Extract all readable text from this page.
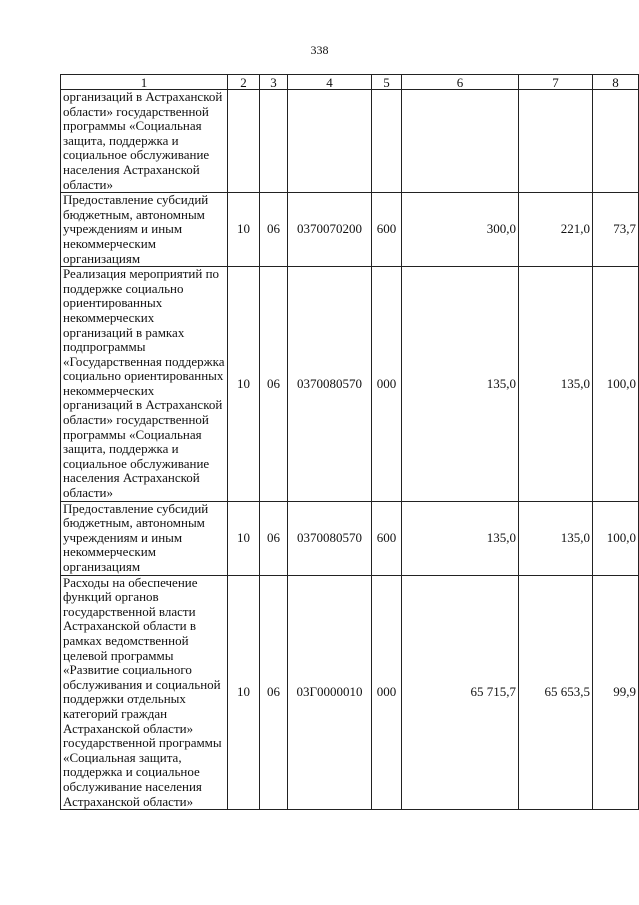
338
1	2	3	4	5	6	7	8
организаций в Астраханской области» государственной программы «Социальная защита, поддержка и социальное обслуживание населения Астраханской области»							
Предоставление субсидий бюджетным, автономным учреждениям и иным некоммерческим организациям	10	06	0370070200	600	300,0	221,0	73,7
Реализация мероприятий по поддержке социально ориентированных некоммерческих организаций в рамках подпрограммы «Государственная поддержка социально ориентированных некоммерческих организаций в Астраханской области» государственной программы «Социальная защита, поддержка и социальное обслуживание населения Астраханской области»	10	06	0370080570	000	135,0	135,0	100,0
Предоставление субсидий бюджетным, автономным учреждениям и иным некоммерческим организациям	10	06	0370080570	600	135,0	135,0	100,0
Расходы на обеспечение функций органов государственной власти Астраханской области в рамках ведомственной целевой программы «Развитие социального обслуживания и социальной поддержки отдельных категорий граждан Астраханской области» государственной программы «Социальная защита, поддержка и социальное обслуживание населения Астраханской области»	10	06	03Г0000010	000	65 715,7	65 653,5	99,9
